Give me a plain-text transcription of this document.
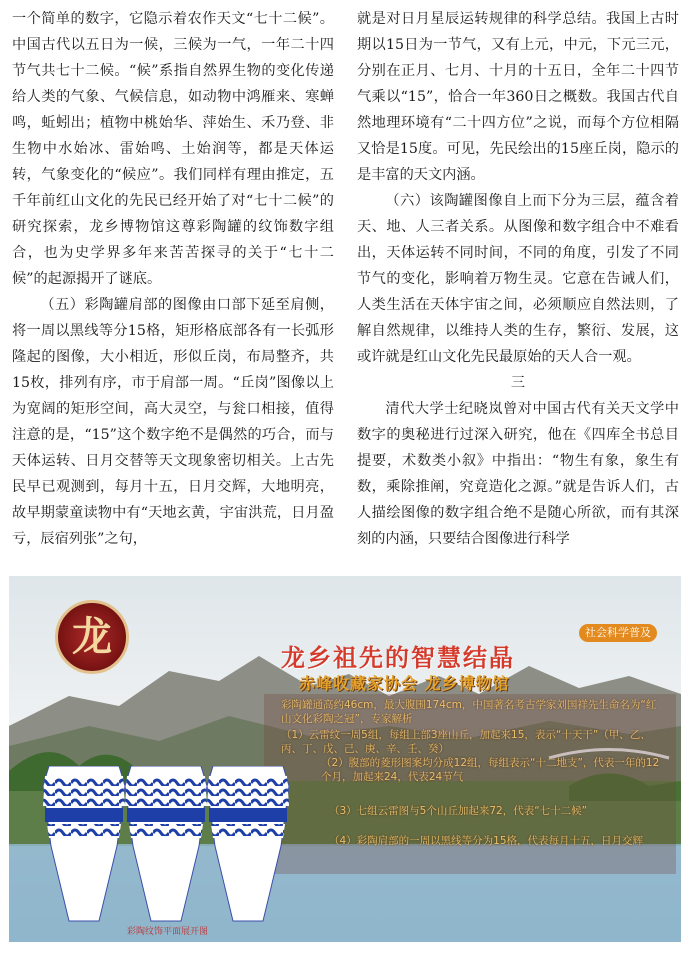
一个简单的数字，它隐示着农作天文“七十二候”。中国古代以五日为一候，三候为一气，一年二十四节气共七十二候。“候”系指自然界生物的变化传递给人类的气象、气候信息，如动物中鸿雁来、寒蝉鸣，蚯蚓出；植物中桃始华、萍始生、禾乃登、非生物中水始冰、雷始鸣、土始润等，都是天体运转，气象变化的“候应”。我们同样有理由推定，五千年前红山文化的先民已经开始了对“七十二候”的研究探索，龙乡博物馆这尊彩陶罐的纹饰数字组合，也为史学界多年来苦苦探寻的关于“七十二候”的起源揭开了谜底。

（五）彩陶罐肩部的图像由口部下延至肩侧，将一周以黑线等分15格，矩形格底部各有一长弧形隆起的图像，大小相近，形似丘岗，布局整齐，共15枚，排列有序，市于肩部一周。“丘岗”图像以上为宽阔的矩形空间，高大灵空，与瓮口相接，值得注意的是，“15”这个数字绝不是偶然的巧合，而与天体运转、日月交替等天文现象密切相关。上古先民早已观测到，每月十五，日月交辉，大地明亮，故早期蒙童读物中有“天地玄黄，宇宙洪荒，日月盈亏，辰宿列张”之句，

就是对日月星辰运转规律的科学总结。我国上古时期以15日为一节气，又有上元，中元，下元三元，分别在正月、七月、十月的十五日，全年二十四节气乘以“15”，恰合一年360日之概数。我国古代自然地理环境有“二十四方位”之说，而每个方位相隔又恰是15度。可见，先民绘出的15座丘岗，隐示的是丰富的天文内涵。

（六）该陶罐图像自上而下分为三层，蕴含着天、地、人三者关系。从图像和数字组合中不难看出，天体运转不同时间，不同的角度，引发了不同节气的变化，影响着万物生灵。它意在告诫人们，人类生活在天体宇宙之间，必须顺应自然法则，了解自然规律，以维持人类的生存，繁衍、发展，这或许就是红山文化先民最原始的天人合一观。

三

清代大学士纪晓岚曾对中国古代有关天文学中数字的奥秘进行过深入研究，他在《四库全书总目提要，术数类小叙》中指出：“物生有象，象生有数，乘除推阐，究竟造化之源。”就是告诉人们，古人描绘图像的数字组合绝不是随心所欲，而有其深刻的内涵，只要结合图像进行科学

龙	社会科学普及
龙乡祖先的智慧结晶
赤峰收藏家协会 龙乡博物馆
彩陶罐通高约46cm，最大腹围174cm，中国著名考古学家刘国祥先生命名为“红山文化彩陶之冠”，专家解析
（1）云雷纹一周5组，每组上部3座山丘，加起来15，表示“十天干”（甲、乙、丙、丁、戊、己、庚、辛、壬、癸）
（2）腹部的菱形图案均分成12组，每组表示“十二地支”，代表一年的12个月，加起来24，代表24节气
（3）七组云雷图与5个山丘加起来72，代表“七十二候”
（4）彩陶肩部的一周以黑线等分为15格，代表每月十五，日月交辉
彩陶纹饰平面展开图
